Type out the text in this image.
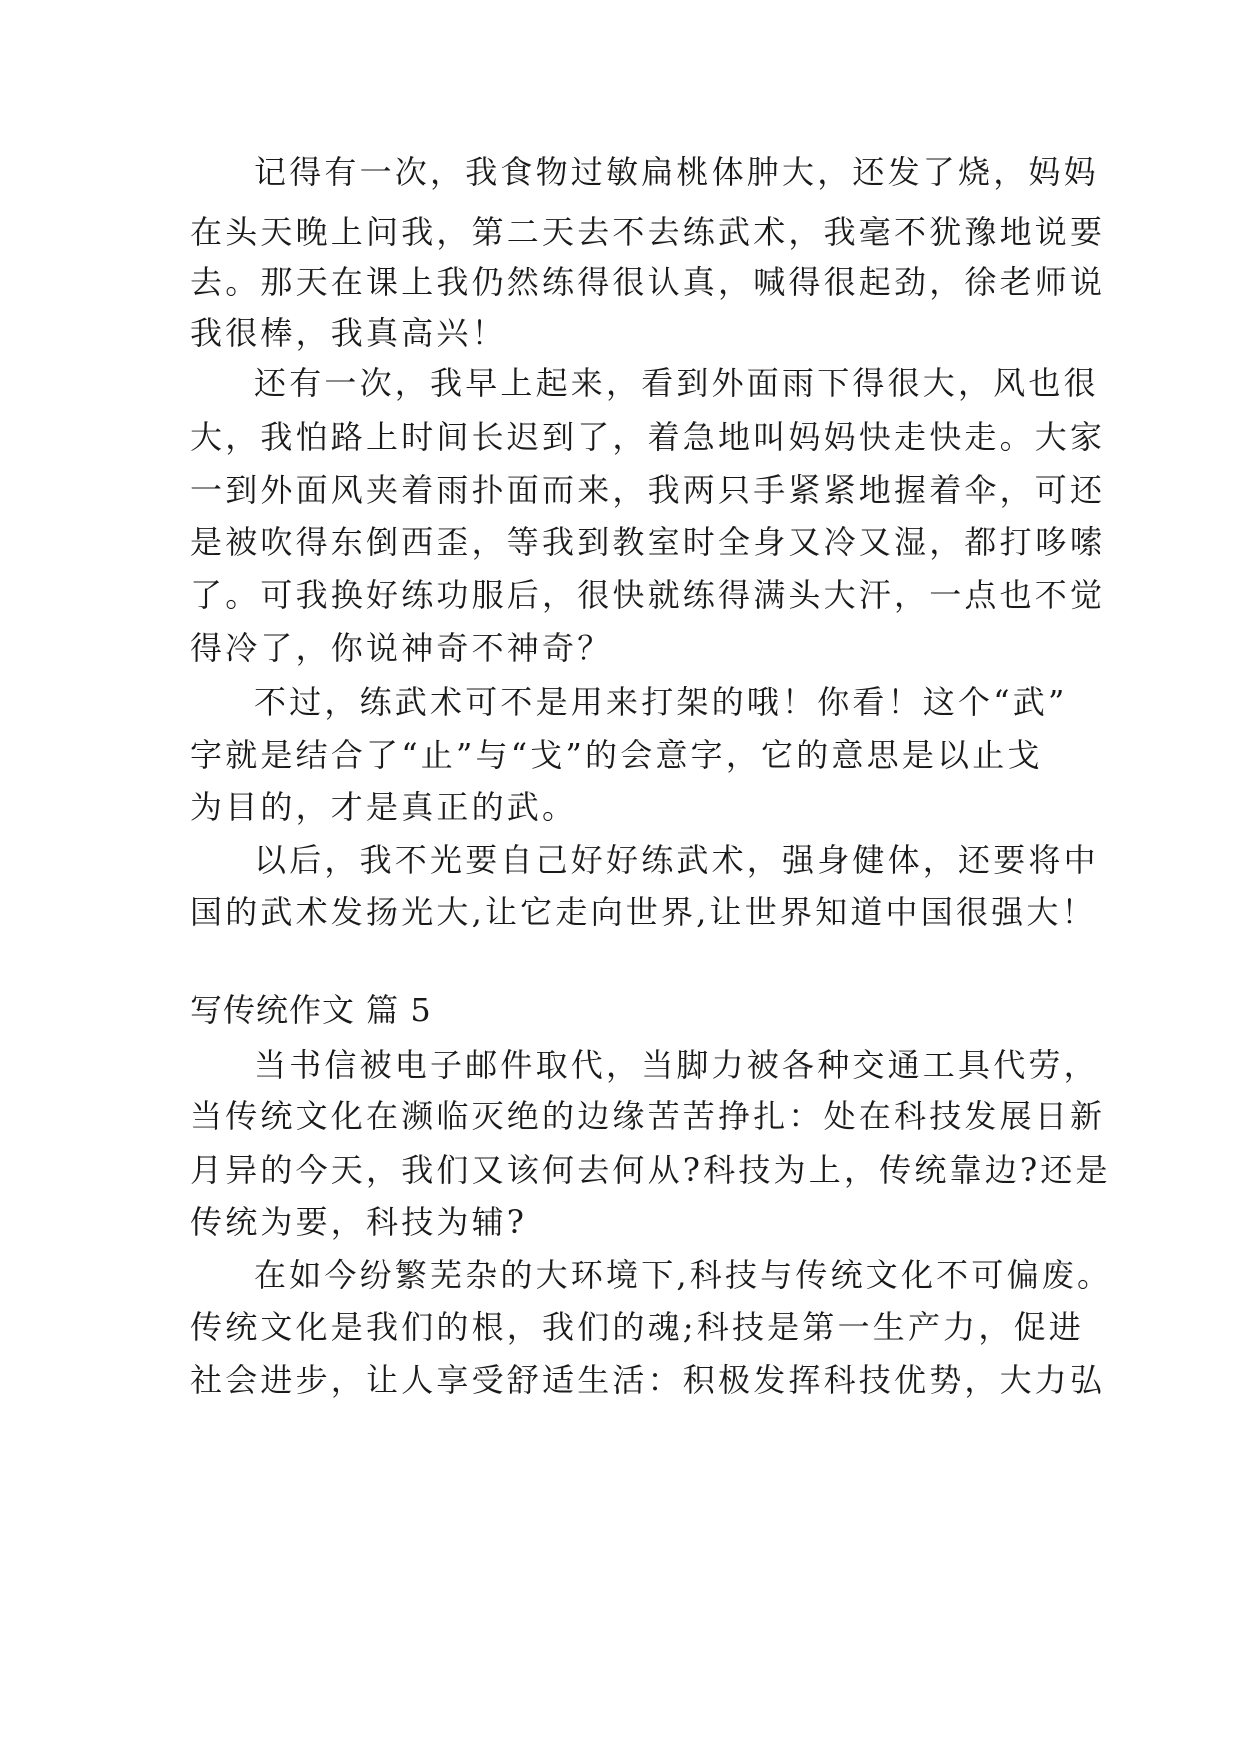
记得有一次，我食物过敏扁桃体肿大，还发了烧，妈妈
在头天晚上问我，第二天去不去练武术，我毫不犹豫地说要
去。那天在课上我仍然练得很认真，喊得很起劲，徐老师说
我很棒，我真高兴！
还有一次，我早上起来，看到外面雨下得很大，风也很
大，我怕路上时间长迟到了，着急地叫妈妈快走快走。大家
一到外面风夹着雨扑面而来，我两只手紧紧地握着伞，可还
是被吹得东倒西歪，等我到教室时全身又冷又湿，都打哆嗦
了。可我换好练功服后，很快就练得满头大汗，一点也不觉
得冷了，你说神奇不神奇？
不过，练武术可不是用来打架的哦！你看！这个“武”
字就是结合了“止”与“戈”的会意字，它的意思是以止戈
为目的，才是真正的武。
以后，我不光要自己好好练武术，强身健体，还要将中
国的武术发扬光大,让它走向世界,让世界知道中国很强大！
写传统作文 篇 5
当书信被电子邮件取代，当脚力被各种交通工具代劳，
当传统文化在濒临灭绝的边缘苦苦挣扎：处在科技发展日新
月异的今天，我们又该何去何从?科技为上，传统靠边?还是
传统为要，科技为辅?
在如今纷繁芜杂的大环境下,科技与传统文化不可偏废。
传统文化是我们的根，我们的魂;科技是第一生产力，促进
社会进步，让人享受舒适生活：积极发挥科技优势，大力弘
